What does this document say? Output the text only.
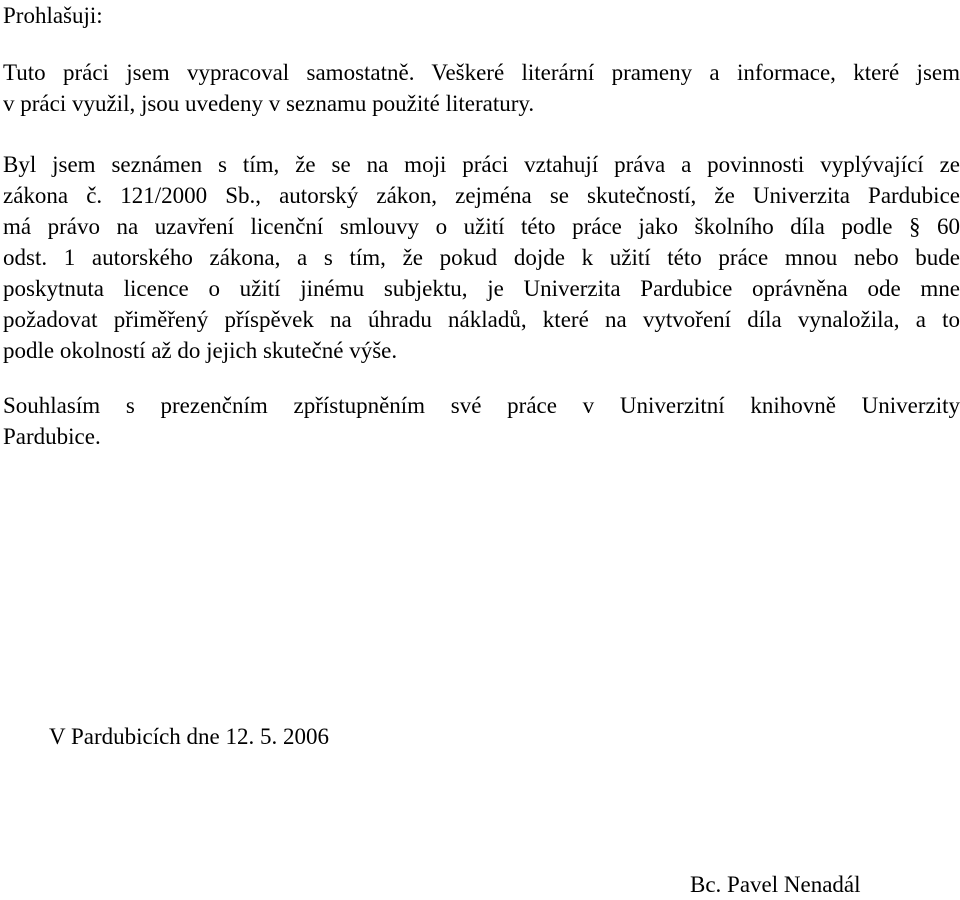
Prohlašuji:

Tuto práci jsem vypracoval samostatně. Veškeré literární prameny a informace, které jsem
v práci využil, jsou uvedeny v seznamu použité literatury.

Byl jsem seznámen s tím, že se na moji práci vztahují práva a povinnosti vyplývající ze
zákona č. 121/2000 Sb., autorský zákon, zejména se skutečností, že Univerzita Pardubice
má právo na uzavření licenční smlouvy o užití této práce jako školního díla podle § 60
odst. 1 autorského zákona, a s tím, že pokud dojde k užití této práce mnou nebo bude
poskytnuta licence o užití jinému subjektu, je Univerzita Pardubice oprávněna ode mne
požadovat přiměřený příspěvek na úhradu nákladů, které na vytvoření díla vynaložila, a to
podle okolností až do jejich skutečné výše.

Souhlasím s prezenčním zpřístupněním své práce v Univerzitní knihovně Univerzity
Pardubice.

V Pardubicích dne 12. 5. 2006

Bc. Pavel Nenadál
